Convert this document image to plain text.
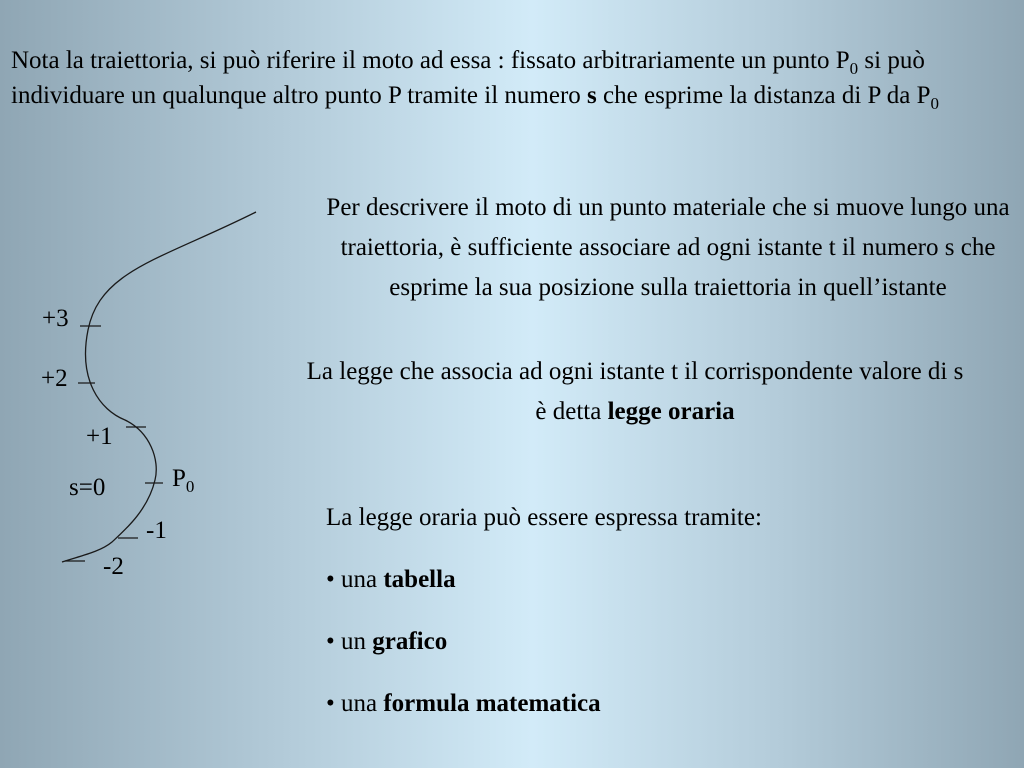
Nota la traiettoria, si può riferire il moto ad essa : fissato arbitrariamente un punto $P_0$ si può individuare un qualunque altro punto P tramite il numero s che esprime la distanza di P da $P_0$

Per descrivere il moto di un punto materiale che si muove lungo una traiettoria, è sufficiente associare ad ogni istante t il numero s che esprime la sua posizione sulla traiettoria in quell’istante

La legge che associa ad ogni istante t il corrispondente valore di s è detta legge oraria

La legge oraria può essere espressa tramite:
• una tabella
• un grafico
• una formula matematica
+3
+2
+1
s=0
-1
-2
$P_0$
